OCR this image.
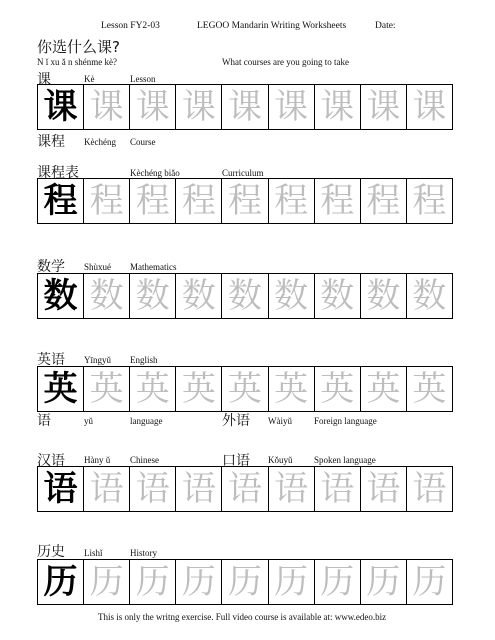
Lesson FY2-03	LEGOO Mandarin Writing Worksheets	Date:
你选什么课?
N ǐ xu ǎ n shénme kè?	What courses are you going to take
课	Kè	Lesson
课 课 课 课 课 课 课 课 课
课程 Kèchéng Course
课程表	Kèchéng biǎo	Curriculum
程 程 程 程 程 程 程 程 程
数学 Shùxué Mathematics
数 数 数 数 数 数 数 数 数
英语 Yīngyǔ English
英 英 英 英 英 英 英 英 英
语	yǔ	language	外语 Wàiyǔ Foreign language
汉语 Hàny ǔ Chinese	口语 Kǒuyǔ Spoken language
语 语 语 语 语 语 语 语 语
历史 Lìshǐ	History
历 历 历 历 历 历 历 历 历
This is only the writng exercise. Full video course is available at: www.edeo.biz
